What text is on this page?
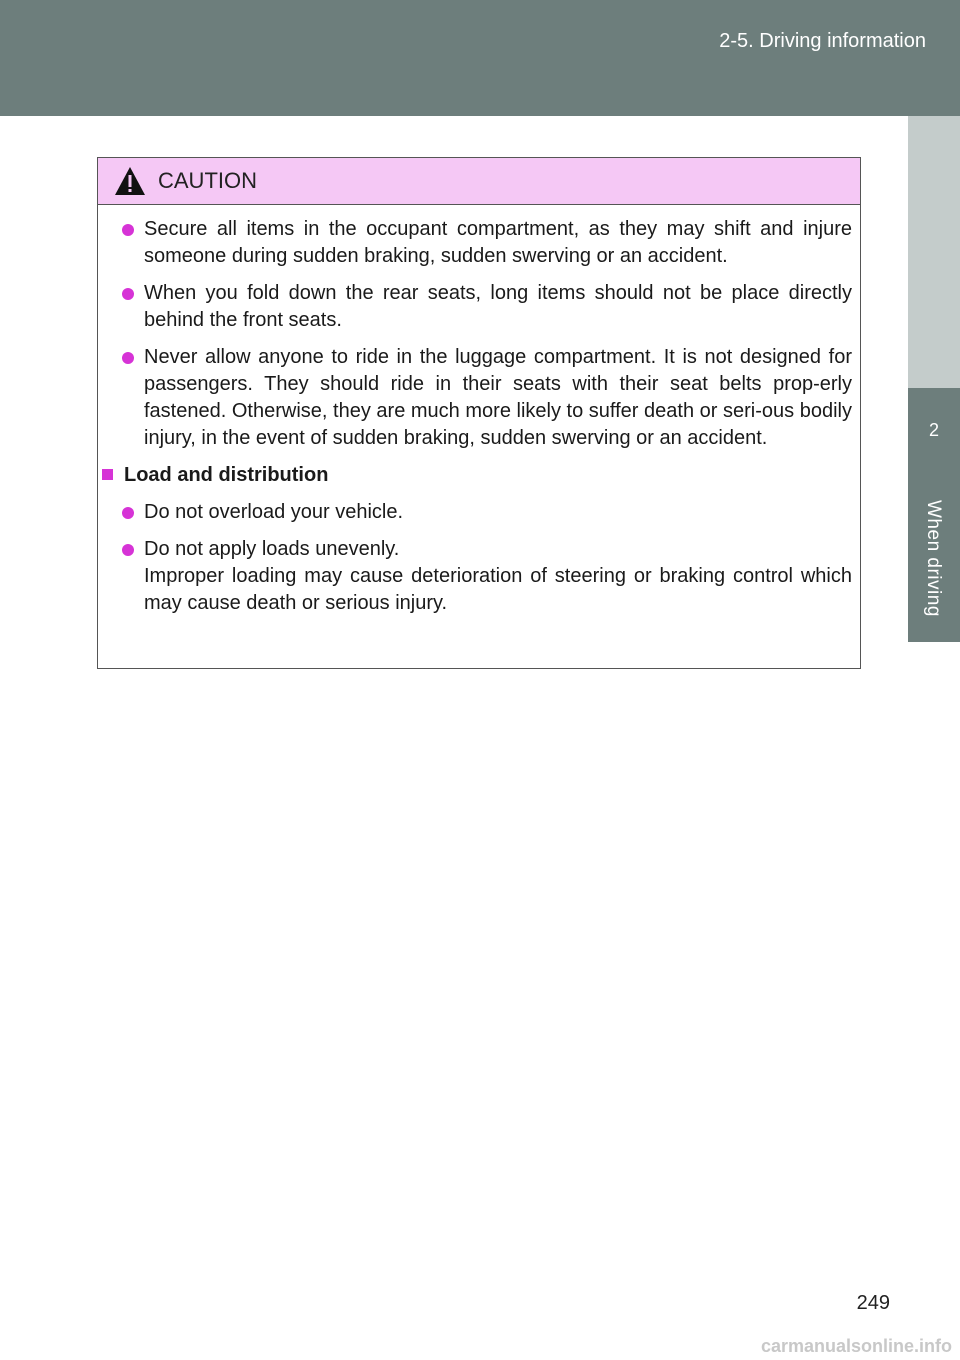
2-5. Driving information
2
When driving
CAUTION
Secure all items in the occupant compartment, as they may shift and injure someone during sudden braking, sudden swerving or an accident.
When you fold down the rear seats, long items should not be place directly behind the front seats.
Never allow anyone to ride in the luggage compartment. It is not designed for passengers. They should ride in their seats with their seat belts prop-erly fastened. Otherwise, they are much more likely to suffer death or seri-ous bodily injury, in the event of sudden braking, sudden swerving or an accident.
Load and distribution
Do not overload your vehicle.
Do not apply loads unevenly.
Improper loading may cause deterioration of steering or braking control which may cause death or serious injury.
249
carmanualsonline.info
